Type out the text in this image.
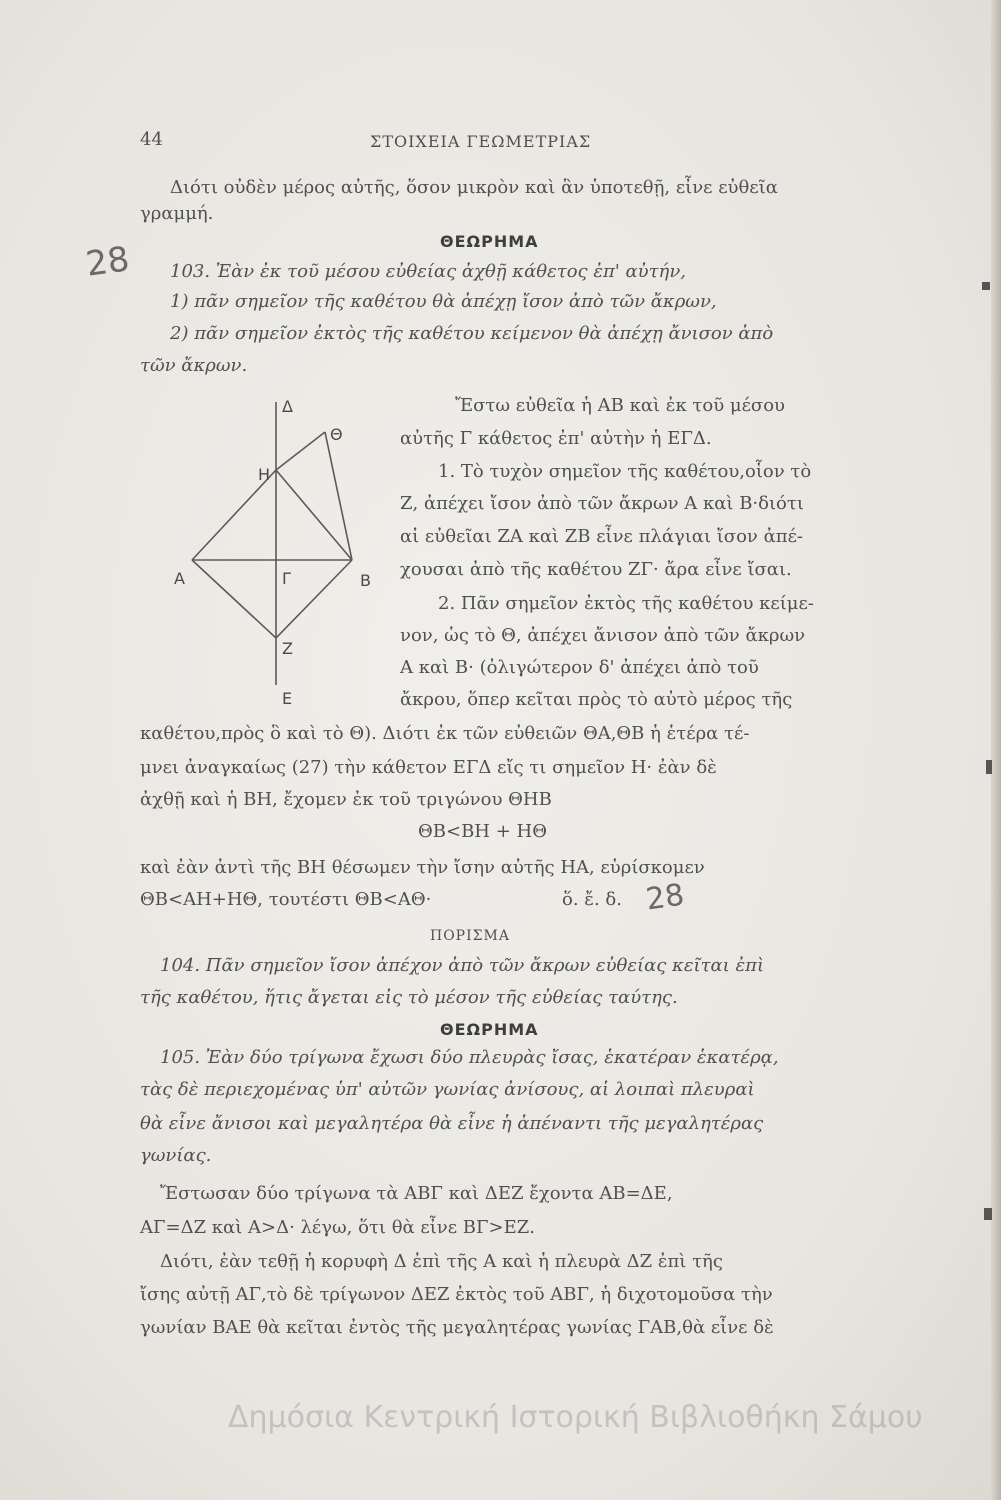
44	ΣΤΟΙΧΕΙΑ ΓΕΩΜΕΤΡΙΑΣ
Διότι οὐδὲν μέρος αὐτῆς, ὅσον μικρὸν καὶ ἂν ὑποτεθῇ, εἶνε εὐθεῖα
γραμμή.
ΘΕΩΡΗΜΑ
103. Ἐὰν ἐκ τοῦ μέσου εὐθείας ἀχθῇ κάθετος ἐπ' αὐτήν,
1) πᾶν σημεῖον τῆς καθέτου θὰ ἀπέχῃ ἴσον ἀπὸ τῶν ἄκρων,
2) πᾶν σημεῖον ἐκτὸς τῆς καθέτου κείμενον θὰ ἀπέχῃ ἄνισον ἀπὸ
τῶν ἄκρων.
28
Δ
Θ
Η
Α	Γ	Β
Ζ
Ε
Ἔστω εὐθεῖα ἡ ΑΒ καὶ ἐκ τοῦ μέσου
αὐτῆς Γ κάθετος ἐπ' αὐτὴν ἡ ΕΓΔ.
1. Τὸ τυχὸν σημεῖον τῆς καθέτου,οἷον τὸ
Ζ, ἀπέχει ἴσον ἀπὸ τῶν ἄκρων Α καὶ Β·διότι
αἱ εὐθεῖαι ΖΑ καὶ ΖΒ εἶνε πλάγιαι ἴσον ἀπέ-
χουσαι ἀπὸ τῆς καθέτου ΖΓ· ἄρα εἶνε ἴσαι.
2. Πᾶν σημεῖον ἐκτὸς τῆς καθέτου κείμε-
νον, ὡς τὸ Θ, ἀπέχει ἄνισον ἀπὸ τῶν ἄκρων
Α καὶ Β· (ὀλιγώτερον δ' ἀπέχει ἀπὸ τοῦ
ἄκρου, ὅπερ κεῖται πρὸς τὸ αὐτὸ μέρος τῆς
καθέτου,πρὸς ὃ καὶ τὸ Θ). Διότι ἐκ τῶν εὐθειῶν ΘΑ,ΘΒ ἡ ἑτέρα τέ-
μνει ἀναγκαίως (27) τὴν κάθετον ΕΓΔ εἴς τι σημεῖον Η· ἐὰν δὲ
ἀχθῇ καὶ ἡ ΒΗ, ἔχομεν ἐκ τοῦ τριγώνου ΘΗΒ
ΘΒ<ΒΗ + ΗΘ
καὶ ἐὰν ἀντὶ τῆς ΒΗ θέσωμεν τὴν ἴσην αὐτῆς ΗΑ, εὑρίσκομεν
ΘΒ<ΑΗ+ΗΘ, τουτέστι ΘΒ<ΑΘ·	ὅ. ἔ. δ. 28
ΠΟΡΙΣΜΑ
104. Πᾶν σημεῖον ἴσον ἀπέχον ἀπὸ τῶν ἄκρων εὐθείας κεῖται ἐπὶ
τῆς καθέτου, ἥτις ἄγεται εἰς τὸ μέσον τῆς εὐθείας ταύτης.
ΘΕΩΡΗΜΑ
105. Ἐὰν δύο τρίγωνα ἔχωσι δύο πλευρὰς ἴσας, ἑκατέραν ἑκατέρᾳ,
τὰς δὲ περιεχομένας ὑπ' αὐτῶν γωνίας ἀνίσους, αἱ λοιπαὶ πλευραὶ
θὰ εἶνε ἄνισοι καὶ μεγαλητέρα θὰ εἶνε ἡ ἀπέναντι τῆς μεγαλητέρας
γωνίας.
Ἔστωσαν δύο τρίγωνα τὰ ΑΒΓ καὶ ΔΕΖ ἔχοντα ΑΒ=ΔΕ,
ΑΓ=ΔΖ καὶ Α>Δ· λέγω, ὅτι θὰ εἶνε ΒΓ>ΕΖ.
Διότι, ἐὰν τεθῇ ἡ κορυφὴ Δ ἐπὶ τῆς Α καὶ ἡ πλευρὰ ΔΖ ἐπὶ τῆς
ἴσης αὐτῇ ΑΓ,τὸ δὲ τρίγωνον ΔΕΖ ἐκτὸς τοῦ ΑΒΓ, ἡ διχοτομοῦσα τὴν
γωνίαν ΒΑΕ θὰ κεῖται ἐντὸς τῆς μεγαλητέρας γωνίας ΓΑΒ,θὰ εἶνε δὲ
Δημόσια Κεντρική Ιστορική Βιβλιοθήκη Σάμου
